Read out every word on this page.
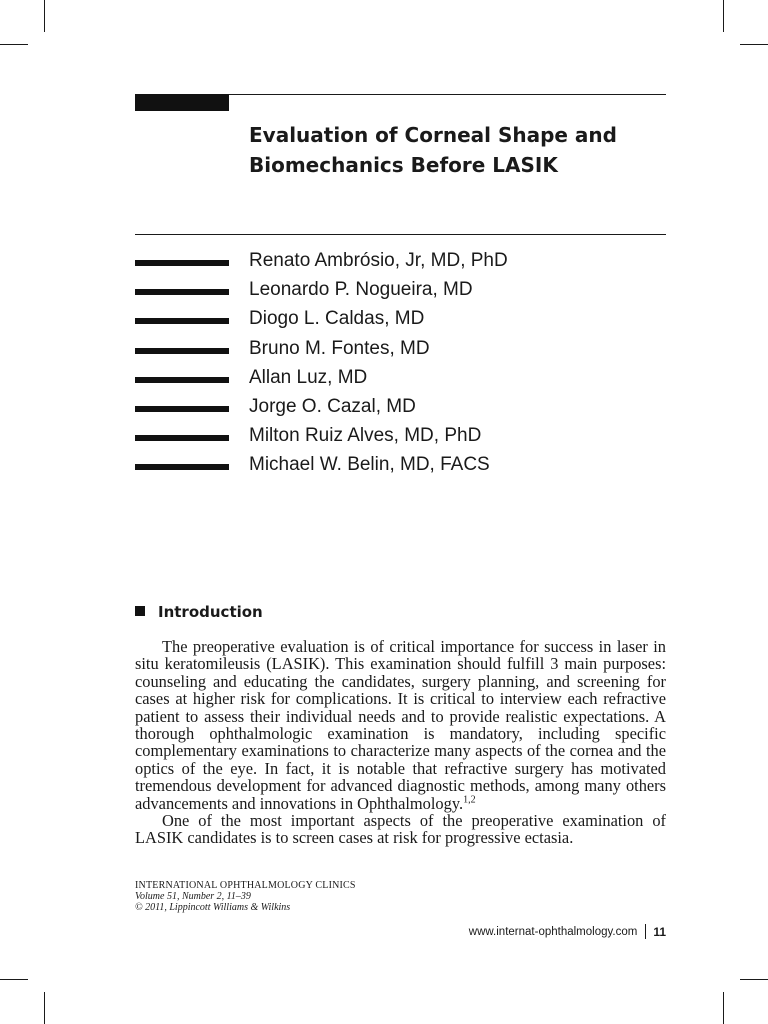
Evaluation of Corneal Shape and Biomechanics Before LASIK
Renato Ambrósio, Jr, MD, PhD
Leonardo P. Nogueira, MD
Diogo L. Caldas, MD
Bruno M. Fontes, MD
Allan Luz, MD
Jorge O. Cazal, MD
Milton Ruiz Alves, MD, PhD
Michael W. Belin, MD, FACS
Introduction

The preoperative evaluation is of critical importance for success in laser in situ keratomileusis (LASIK). This examination should fulfill 3 main purposes: counseling and educating the candidates, surgery planning, and screening for cases at higher risk for complications. It is critical to interview each refractive patient to assess their individual needs and to provide realistic expectations. A thorough ophthalmologic examination is mandatory, including specific complementary examinations to characterize many aspects of the cornea and the optics of the eye. In fact, it is notable that refractive surgery has motivated tremendous development for advanced diagnostic methods, among many others advancements and innovations in Ophthalmology.$^{1,2}$

One of the most important aspects of the preoperative examination of LASIK candidates is to screen cases at risk for progressive ectasia.

INTERNATIONAL OPHTHALMOLOGY CLINICS
Volume 51, Number 2, 11–39
© 2011, Lippincott Williams & Wilkins
www.internat-ophthalmology.com 11
